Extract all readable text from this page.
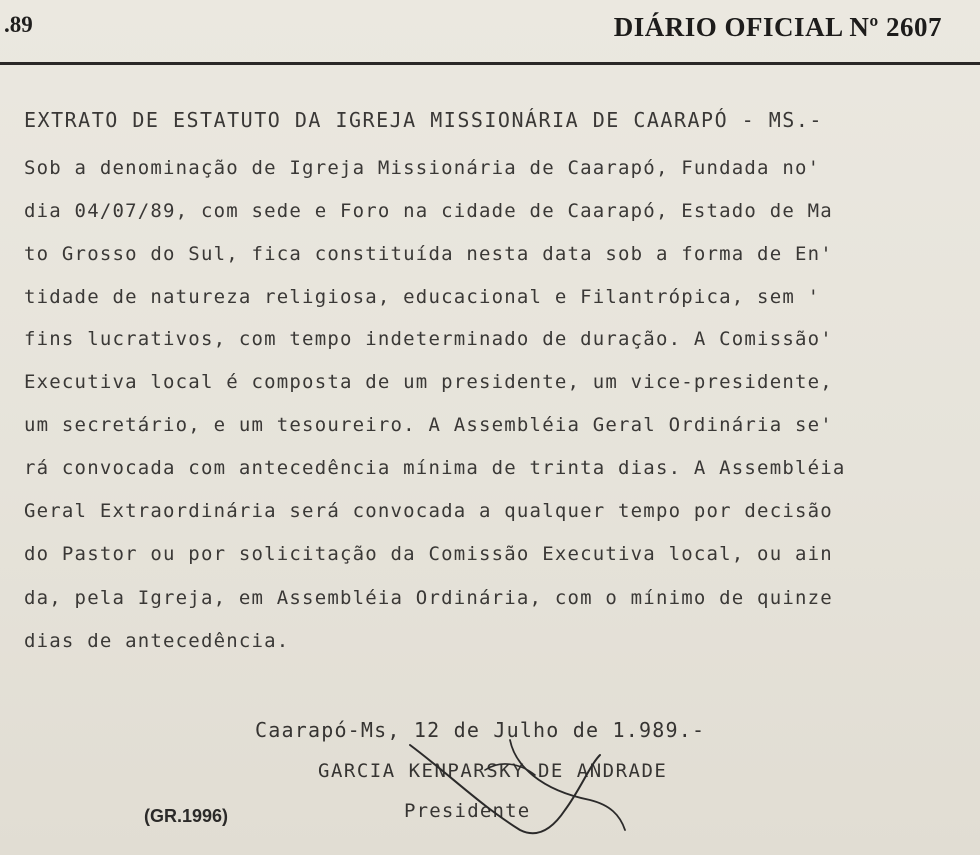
.89	DIÁRIO OFICIAL Nº 2607
EXTRATO DE ESTATUTO DA IGREJA MISSIONÁRIA DE CAARAPÓ - MS.-
Sob a denominação de Igreja Missionária de Caarapó, Fundada no'
dia 04/07/89, com sede e Foro na cidade de Caarapó, Estado de Ma
to Grosso do Sul, fica constituída nesta data sob a forma de En'
tidade de natureza religiosa, educacional e Filantrópica, sem '
fins lucrativos, com tempo indeterminado de duração. A Comissão'
Executiva local é composta de um presidente, um vice-presidente,
um secretário, e um tesoureiro. A Assembléia Geral Ordinária se'
rá convocada com antecedência mínima de trinta dias. A Assembléia
Geral Extraordinária será convocada a qualquer tempo por decisão
do Pastor ou por solicitação da Comissão Executiva local, ou ain
da, pela Igreja, em Assembléia Ordinária, com o mínimo de quinze
dias de antecedência.
Caarapó-Ms, 12 de Julho de 1.989.-
GARCIA KENPARSKY DE ANDRADE
Presidente
(GR.1996)
